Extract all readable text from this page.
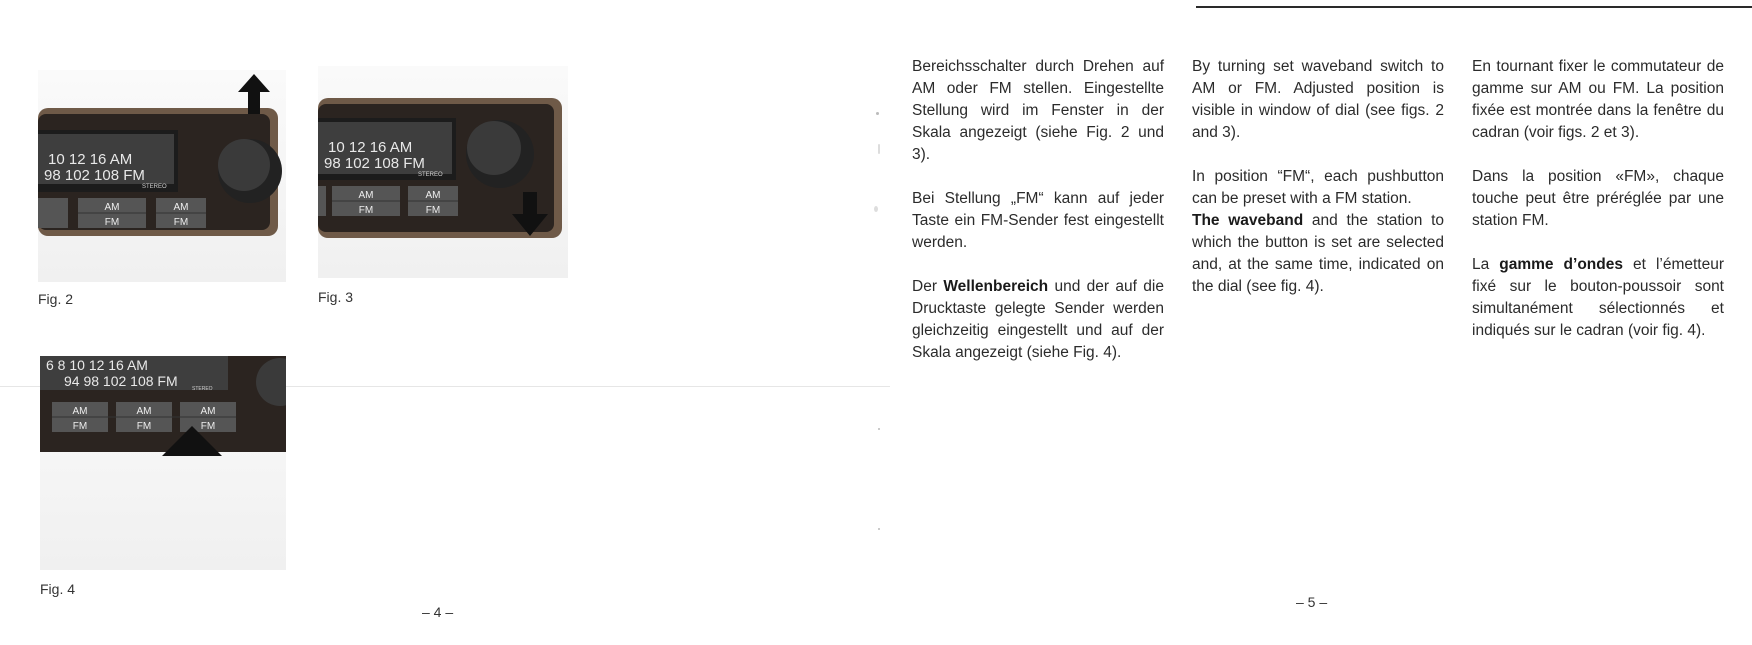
10 12 16 AM
98 102 108 FM
STEREO
AM
FM
AM
FM
Fig. 2
10 12 16 AM
98 102 108 FM
STEREO
AM
FM
AM
FM
Fig. 3
6 8 10 12 16 AM
94 98 102 108 FM	STEREO
AM
FM
AM
FM
AM
FM
Fig. 4
– 4 –

Bereichsschalter durch Drehen auf AM oder FM stellen. Eingestellte Stellung wird im Fenster in der Skala angezeigt (siehe Fig. 2 und 3).

Bei Stellung „FM“ kann auf jeder Taste ein FM-Sender fest eingestellt werden.

Der Wellenbereich und der auf die Drucktaste gelegte Sender werden gleichzeitig eingestellt und auf der Skala angezeigt (siehe Fig. 4).

By turning set waveband switch to AM or FM. Adjusted position is visible in window of dial (see figs. 2 and 3).

In position “FM“, each pushbutton can be preset with a FM station.

The waveband and the station to which the button is set are selected and, at the same time, indicated on the dial (see fig. 4).

En tournant fixer le commutateur de gamme sur AM ou FM. La position fixée est montrée dans la fenêtre du cadran (voir figs. 2 et 3).

Dans la position «FM», chaque touche peut être préréglée par une station FM.

La gamme d’ondes et l’émetteur fixé sur le bouton-poussoir sont simultanément sélectionnés et indiqués sur le cadran (voir fig. 4).

– 5 –
